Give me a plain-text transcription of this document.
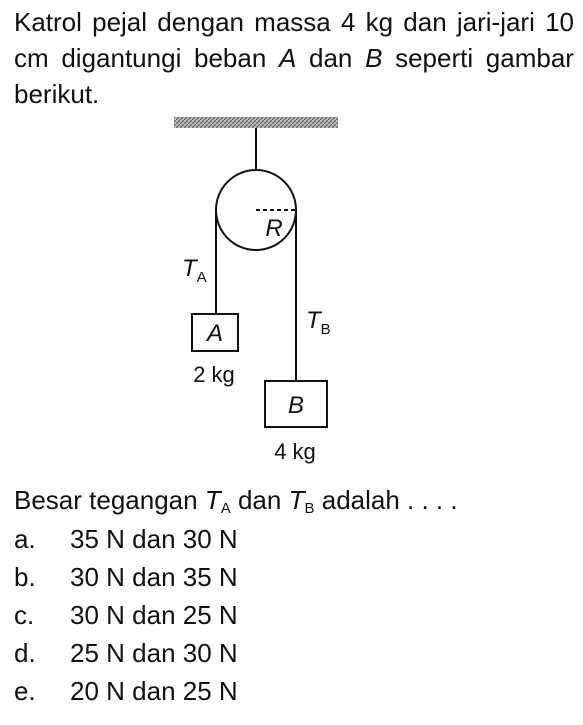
Katrol pejal dengan massa 4 kg dan jari-jari 10 cm digantungi beban A dan B seperti gambar berikut.

R
$T_A$
$T_B$
A
2 kg
B
4 kg

Besar tegangan $T_A$ dan $T_B$ adalah . . . .

a. 35 N dan 30 N
b. 30 N dan 35 N
c. 30 N dan 25 N
d. 25 N dan 30 N
e. 20 N dan 25 N
